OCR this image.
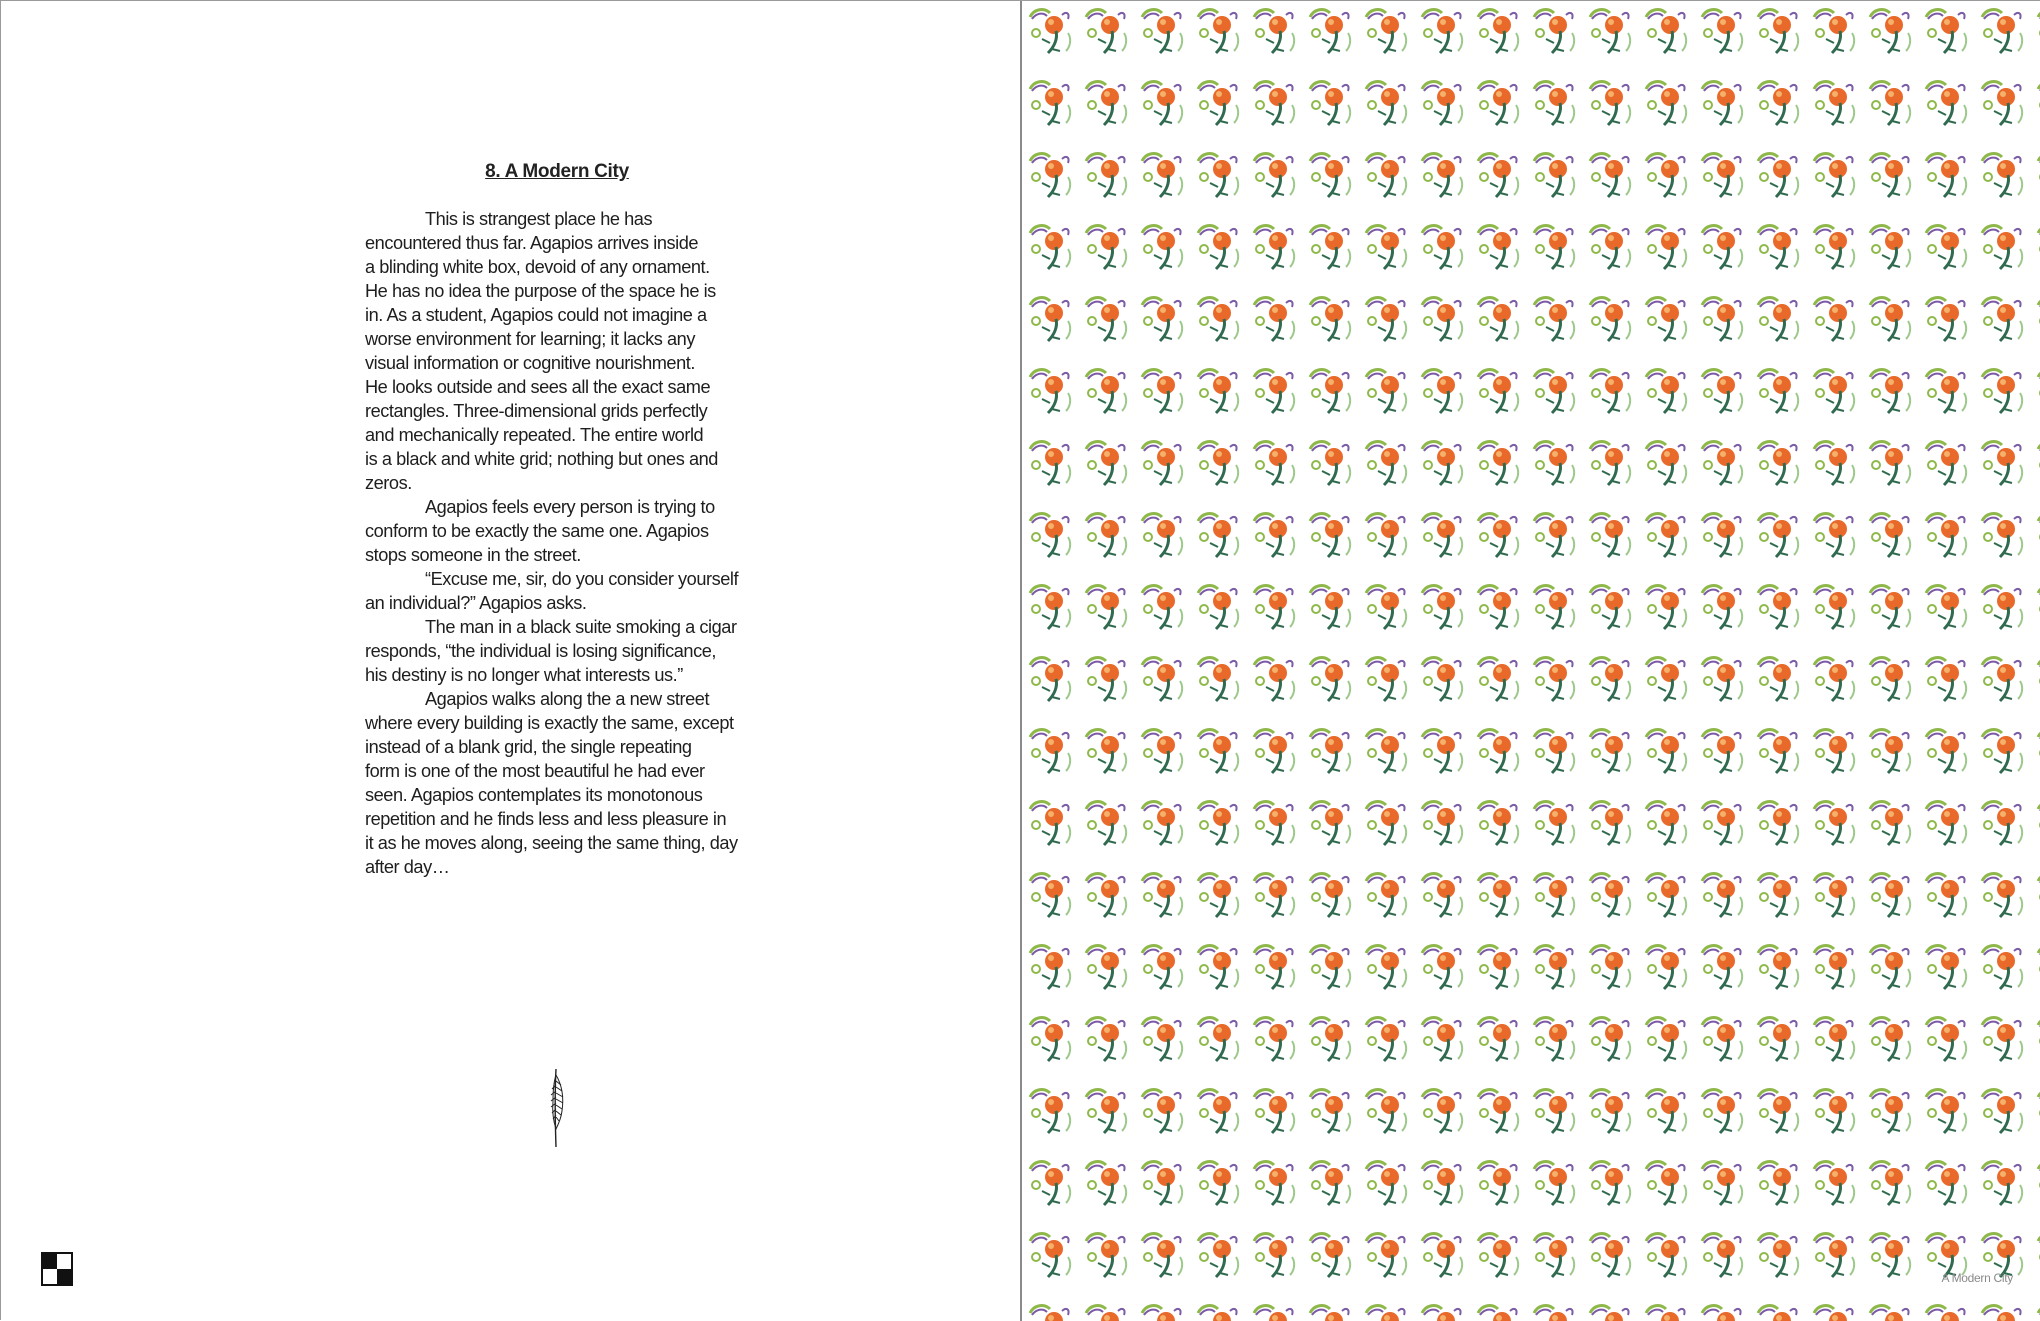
8. A Modern City
This is strangest place he has
encountered thus far. Agapios arrives inside
a blinding white box, devoid of any ornament.
He has no idea the purpose of the space he is
in. As a student, Agapios could not imagine a
worse environment for learning; it lacks any
visual information or cognitive nourishment.
He looks outside and sees all the exact same
rectangles. Three-dimensional grids perfectly
and mechanically repeated. The entire world
is a black and white grid; nothing but ones and
zeros.
Agapios feels every person is trying to
conform to be exactly the same one. Agapios
stops someone in the street.
“Excuse me, sir, do you consider yourself
an individual?” Agapios asks.
The man in a black suite smoking a cigar
responds, “the individual is losing significance,
his destiny is no longer what interests us.”
Agapios walks along the a new street
where every building is exactly the same, except
instead of a blank grid, the single repeating
form is one of the most beautiful he had ever
seen. Agapios contemplates its monotonous
repetition and he finds less and less pleasure in
it as he moves along, seeing the same thing, day
after day…
A Modern City
